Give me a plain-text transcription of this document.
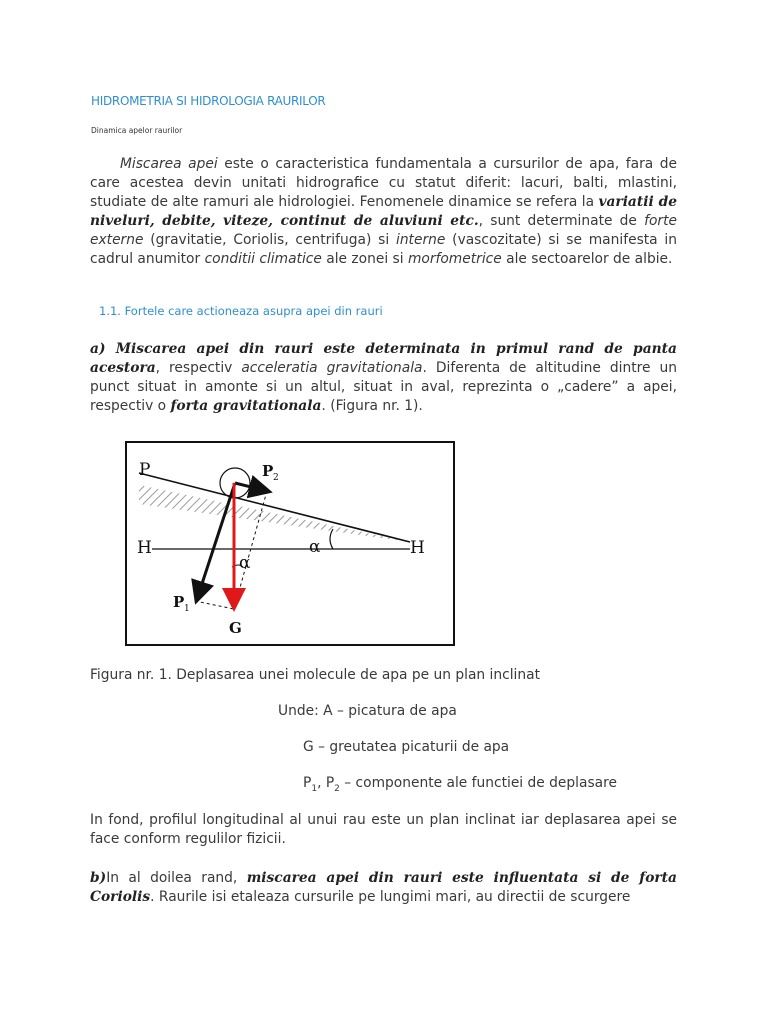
HIDROMETRIA SI HIDROLOGIA RAURILOR
Dinamica apelor raurilor
Miscarea apei este o caracteristica fundamentala a cursurilor de apa, fara de care acestea devin unitati hidrografice cu statut diferit: lacuri, balti, mlastini, studiate de alte ramuri ale hidrologiei. Fenomenele dinamice se refera la variatii de niveluri, debite, viteze, continut de aluviuni etc., sunt determinate de forte externe (gravitatie, Coriolis, centrifuga) si interne (vascozitate) si se manifesta in cadrul anumitor conditii climatice ale zonei si morfometrice ale sectoarelor de albie.
1.1. Fortele care actioneaza asupra apei din rauri
a) Miscarea apei din rauri este determinata in primul rand de panta acestora, respectiv acceleratia gravitationala. Diferenta de altitudine dintre un punct situat in amonte si un altul, situat in aval, reprezinta o „cadere” a apei, respectiv o forta gravitationala. (Figura nr. 1).
P
H	H
α
α
P 2
P 1
G
Figura nr. 1. Deplasarea unei molecule de apa pe un plan inclinat
Unde: A – picatura de apa
G – greutatea picaturii de apa
$P_1$, $P_2$ – componente ale functiei de deplasare
In fond, profilul longitudinal al unui rau este un plan inclinat iar deplasarea apei se face conform regulilor fizicii.
b)In al doilea rand, miscarea apei din rauri este influentata si de forta Coriolis. Raurile isi etaleaza cursurile pe lungimi mari, au directii de scurgere
